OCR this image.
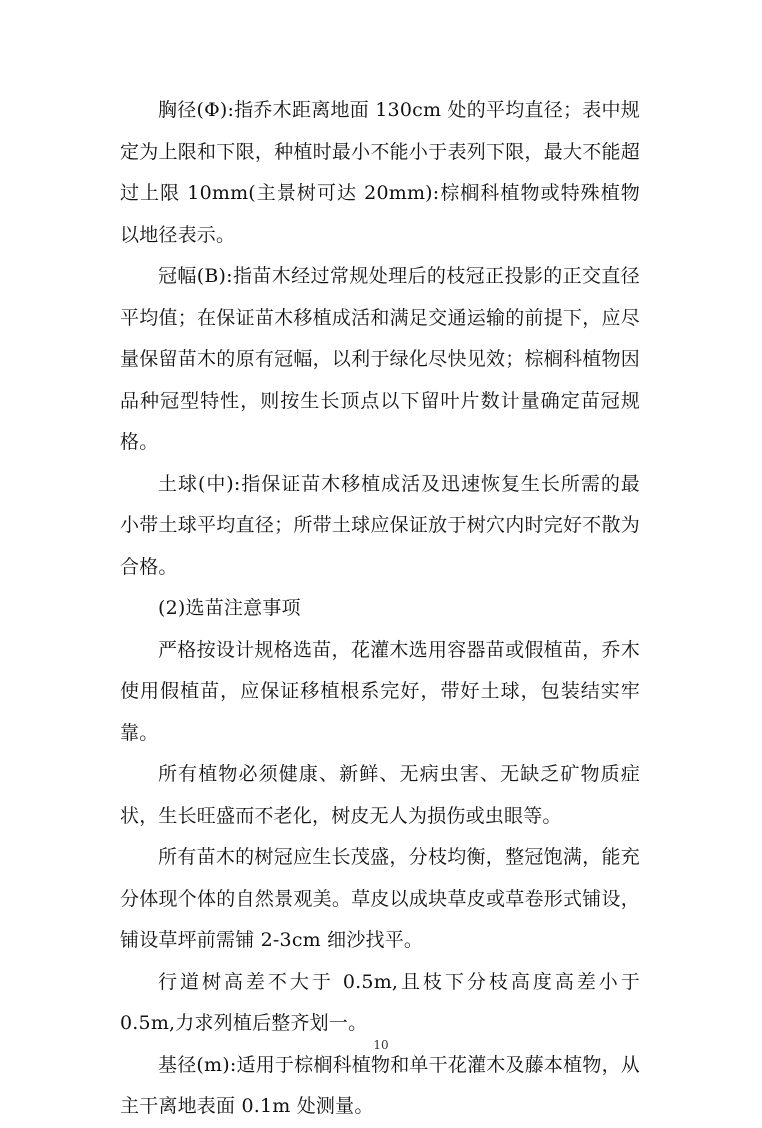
胸径(Φ):指乔木距离地面 130cm 处的平均直径；表中规定为上限和下限，种植时最小不能小于表列下限，最大不能超过上限 10mm(主景树可达 20mm):棕榈科植物或特殊植物以地径表示。

冠幅(B):指苗木经过常规处理后的枝冠正投影的正交直径平均值；在保证苗木移植成活和满足交通运输的前提下，应尽量保留苗木的原有冠幅，以利于绿化尽快见效；棕榈科植物因品种冠型特性，则按生长顶点以下留叶片数计量确定苗冠规格。

土球(中):指保证苗木移植成活及迅速恢复生长所需的最小带土球平均直径；所带土球应保证放于树穴内时完好不散为合格。

(2)选苗注意事项

严格按设计规格选苗，花灌木选用容器苗或假植苗，乔木使用假植苗，应保证移植根系完好，带好土球，包装结实牢靠。

所有植物必须健康、新鲜、无病虫害、无缺乏矿物质症状，生长旺盛而不老化，树皮无人为损伤或虫眼等。

所有苗木的树冠应生长茂盛，分枝均衡，整冠饱满，能充分体现个体的自然景观美。草皮以成块草皮或草卷形式铺设，铺设草坪前需铺 2-3cm 细沙找平。

行道树高差不大于 0.5m,且枝下分枝高度高差小于 0.5m,力求列植后整齐划一。

基径(m):适用于棕榈科植物和单干花灌木及藤本植物，从主干离地表面 0.1m 处测量。

10
